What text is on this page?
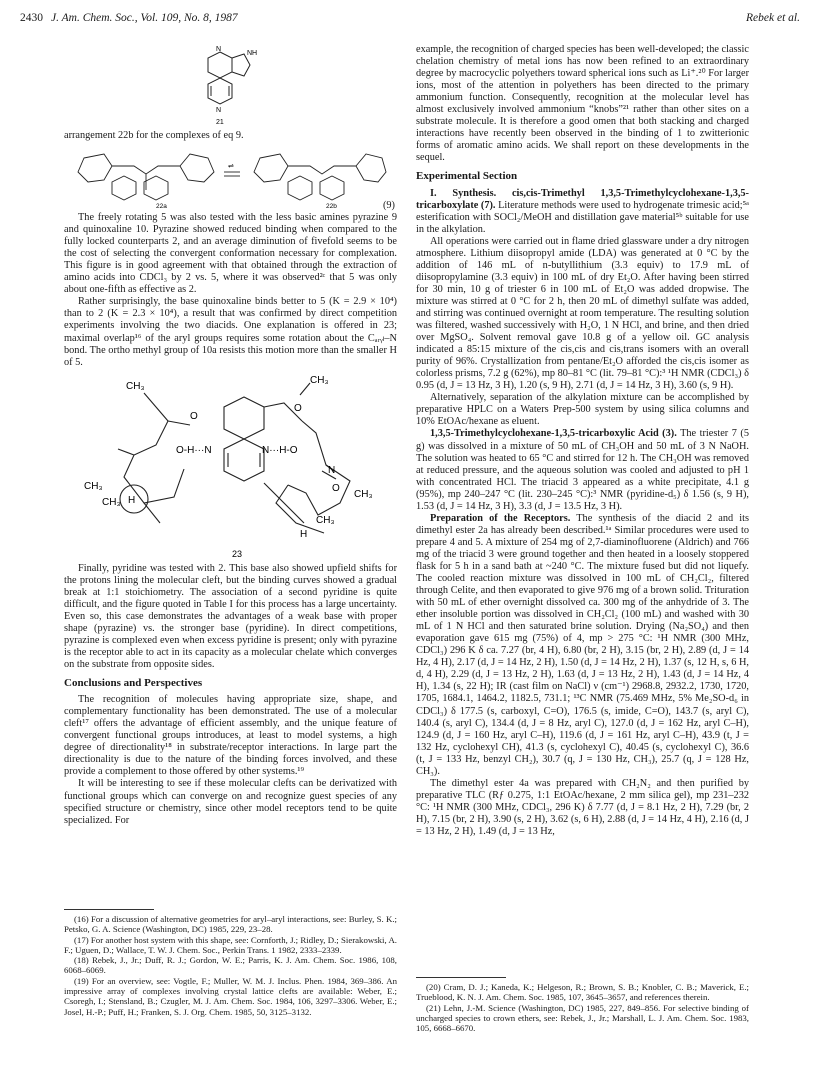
2430 J. Am. Chem. Soc., Vol. 109, No. 8, 1987	Rebek et al.
N
NH
N
21

arrangement 22b for the complexes of eq 9.

⇌
22a	22b	(9)

The freely rotating 5 was also tested with the less basic amines pyrazine 9 and quinoxaline 10. Pyrazine showed reduced binding when compared to the fully locked counterparts 2, and an average diminution of fivefold seems to be the cost of selecting the convergent conformation necessary for complexation. This figure is in good agreement with that obtained through the extraction of amino acids into CDCl₃ by 2 vs. 5, where it was observed²ᶜ that 5 was only about one-fifth as effective as 2.

Rather surprisingly, the base quinoxaline binds better to 5 (K = 2.9 × 10⁴) than to 2 (K = 2.3 × 10⁴), a result that was confirmed by direct competition experiments involving the two diacids. One explanation is offered in 23; maximal overlap¹⁶ of the aryl groups requires some rotation about the Cₐᵣᵧₗ–N bond. The ortho methyl group of 10a resists this motion more than the smaller H of 5.

CH₃
O
O-H···N	N···H-O
O
CH₃
N
O
CH₃
CH₃
CH₃ H
CH₃
H
23

Finally, pyridine was tested with 2. This base also showed upfield shifts for the protons lining the molecular cleft, but the binding curves showed a gradual break at 1:1 stoichiometry. The association of a second pyridine is quite difficult, and the figure quoted in Table I for this process has a large uncertainty. Even so, this case demonstrates the advantages of a weak base with proper shape (pyrazine) vs. the stronger base (pyridine). In direct competitions, pyrazine is complexed even when excess pyridine is present; only with pyrazine is the receptor able to act in its capacity as a molecular chelate which converges on the substrate from opposite sides.

Conclusions and Perspectives

The recognition of molecules having appropriate size, shape, and complementary functionality has been demonstrated. The use of a molecular cleft¹⁷ offers the advantage of efficient assembly, and the unique feature of convergent functional groups introduces, at least to model systems, a high degree of directionality¹⁸ in substrate/receptor interactions. In large part the directionality is due to the nature of the binding forces involved, and these provide a complement to those offered by other systems.¹⁹

It will be interesting to see if these molecular clefts can be derivatized with functional groups which can converge on and recognize guest species of any specified structure or chemistry, since other model receptors tend to be quite specialized. For

example, the recognition of charged species has been well-developed; the classic chelation chemistry of metal ions has now been refined to an extraordinary degree by macrocyclic polyethers toward spherical ions such as Li⁺.²⁰ For larger ions, most of the attention in polyethers has been directed to the primary ammonium function. Consequently, recognition at the molecular level has almost exclusively involved ammonium “knobs”²¹ rather than other sites on a substrate molecule. It is therefore a good omen that both stacking and charged interactions have recently been observed in the binding of 1 to zwitterionic forms of aromatic amino acids. We shall report on these developments in the sequel.

Experimental Section

I. Synthesis. cis,cis-Trimethyl 1,3,5-Trimethylcyclohexane-1,3,5-tricarboxylate (7). Literature methods were used to hydrogenate trimesic acid;⁵ᵃ esterification with SOCl₂/MeOH and distillation gave material⁵ᵇ suitable for use in the alkylation.

All operations were carried out in flame dried glassware under a dry nitrogen atmosphere. Lithium diisopropyl amide (LDA) was generated at 0 °C by the addition of 146 mL of n-butyllithium (3.3 equiv) to 17.9 mL of diisopropylamine (3.3 equiv) in 100 mL of dry Et₂O. After having been stirred for 30 min, 10 g of triester 6 in 100 mL of Et₂O was added dropwise. The mixture was stirred at 0 °C for 2 h, then 20 mL of dimethyl sulfate was added, and stirring was continued overnight at room temperature. The resulting solution was filtered, washed successively with H₂O, 1 N HCl, and brine, and then dried over MgSO₄. Solvent removal gave 10.8 g of a yellow oil. GC analysis indicated a 85:15 mixture of the cis,cis and cis,trans isomers with an overall purity of 96%. Crystallization from pentane/Et₂O afforded the cis,cis isomer as colorless prisms, 7.2 g (62%), mp 80–81 °C (lit. 79–81 °C):³ ¹H NMR (CDCl₃) δ 0.95 (d, J = 13 Hz, 3 H), 1.20 (s, 9 H), 2.71 (d, J = 14 Hz, 3 H), 3.60 (s, 9 H).

Alternatively, separation of the alkylation mixture can be accomplished by preparative HPLC on a Waters Prep-500 system by using silica columns and 10% EtOAc/hexane as eluent.

1,3,5-Trimethylcyclohexane-1,3,5-tricarboxylic Acid (3). The triester 7 (5 g) was dissolved in a mixture of 50 mL of CH₃OH and 50 mL of 3 N NaOH. The solution was heated to 65 °C and stirred for 12 h. The CH₃OH was removed at reduced pressure, and the aqueous solution was cooled and adjusted to pH 1 with concentrated HCl. The triacid 3 appeared as a white precipitate, 4.1 g (95%), mp 240–247 °C (lit. 230–245 °C):³ NMR (pyridine-d₅) δ 1.56 (s, 9 H), 1.53 (d, J = 14 Hz, 3 H), 3.3 (d, J = 13.5 Hz, 3 H).

Preparation of the Receptors. The synthesis of the diacid 2 and its dimethyl ester 2a has already been described.¹ᵃ Similar procedures were used to prepare 4 and 5. A mixture of 254 mg of 2,7-diaminofluorene (Aldrich) and 766 mg of the triacid 3 were ground together and then heated in a loosely stoppered flask for 5 h in a sand bath at ~240 °C. The mixture fused but did not liquefy. The cooled reaction mixture was dissolved in 100 mL of CH₂Cl₂, filtered through Celite, and then evaporated to give 976 mg of a brown solid. Trituration with 50 mL of ether overnight dissolved ca. 300 mg of the anhydride of 3. The ether insoluble portion was dissolved in CH₂Cl₂ (100 mL) and washed with 30 mL of 1 N HCl and then saturated brine solution. Drying (Na₂SO₄) and then evaporation gave 615 mg (75%) of 4, mp > 275 °C: ¹H NMR (300 MHz, CDCl₃) 296 K δ ca. 7.27 (br, 4 H), 6.80 (br, 2 H), 3.15 (br, 2 H), 2.89 (d, J = 14 Hz, 4 H), 2.17 (d, J = 14 Hz, 2 H), 1.50 (d, J = 14 Hz, 2 H), 1.37 (s, 12 H, s, 6 H, d, 4 H), 2.29 (d, J = 13 Hz, 2 H), 1.63 (d, J = 13 Hz, 2 H), 1.43 (d, J = 14 Hz, 4 H), 1.34 (s, 22 H); IR (cast film on NaCl) ν (cm⁻¹) 2968.8, 2932.2, 1730, 1720, 1705, 1684.1, 1464.2, 1182.5, 731.1; ¹³C NMR (75.469 MHz, 5% Me₂SO-d₆ in CDCl₃) δ 177.5 (s, carboxyl, C=O), 176.5 (s, imide, C=O), 143.7 (s, aryl C), 140.4 (s, aryl C), 134.4 (d, J = 8 Hz, aryl C), 127.0 (d, J = 162 Hz, aryl C–H), 124.9 (d, J = 160 Hz, aryl C–H), 119.6 (d, J = 161 Hz, aryl C–H), 43.9 (t, J = 132 Hz, cyclohexyl CH), 41.3 (s, cyclohexyl C), 40.45 (s, cyclohexyl C), 36.6 (t, J = 133 Hz, benzyl CH₂), 30.7 (q, J = 130 Hz, CH₃), 25.7 (q, J = 128 Hz, CH₃).

The dimethyl ester 4a was prepared with CH₂N₂ and then purified by preparative TLC (Rƒ 0.275, 1:1 EtOAc/hexane, 2 mm silica gel), mp 231–232 °C: ¹H NMR (300 MHz, CDCl₃, 296 K) δ 7.77 (d, J = 8.1 Hz, 2 H), 7.29 (br, 2 H), 7.15 (br, 2 H), 3.90 (s, 2 H), 3.62 (s, 6 H), 2.88 (d, J = 14 Hz, 4 H), 2.16 (d, J = 13 Hz, 2 H), 1.49 (d, J = 13 Hz,

(16) For a discussion of alternative geometries for aryl–aryl interactions, see: Burley, S. K.; Petsko, G. A. Science (Washington, DC) 1985, 229, 23–28.

(17) For another host system with this shape, see: Cornforth, J.; Ridley, D.; Sierakowski, A. F.; Uguen, D.; Wallace, T. W. J. Chem. Soc., Perkin Trans. 1 1982, 2333–2339.

(18) Rebek, J., Jr.; Duff, R. J.; Gordon, W. E.; Parris, K. J. Am. Chem. Soc. 1986, 108, 6068–6069.

(19) For an overview, see: Vogtle, F.; Muller, W. M. J. Inclus. Phen. 1984, 369–386. An impressive array of complexes involving crystal lattice clefts are available: Weber, E.; Csoregh, I.; Stensland, B.; Czugler, M. J. Am. Chem. Soc. 1984, 106, 3297–3306. Weber, E.; Josel, H.-P.; Puff, H.; Franken, S. J. Org. Chem. 1985, 50, 3125–3132.

(20) Cram, D. J.; Kaneda, K.; Helgeson, R.; Brown, S. B.; Knobler, C. B.; Maverick, E.; Trueblood, K. N. J. Am. Chem. Soc. 1985, 107, 3645–3657, and references therein.

(21) Lehn, J.-M. Science (Washington, DC) 1985, 227, 849–856. For selective binding of uncharged species to crown ethers, see: Rebek, J., Jr.; Marshall, L. J. Am. Chem. Soc. 1983, 105, 6668–6670.
